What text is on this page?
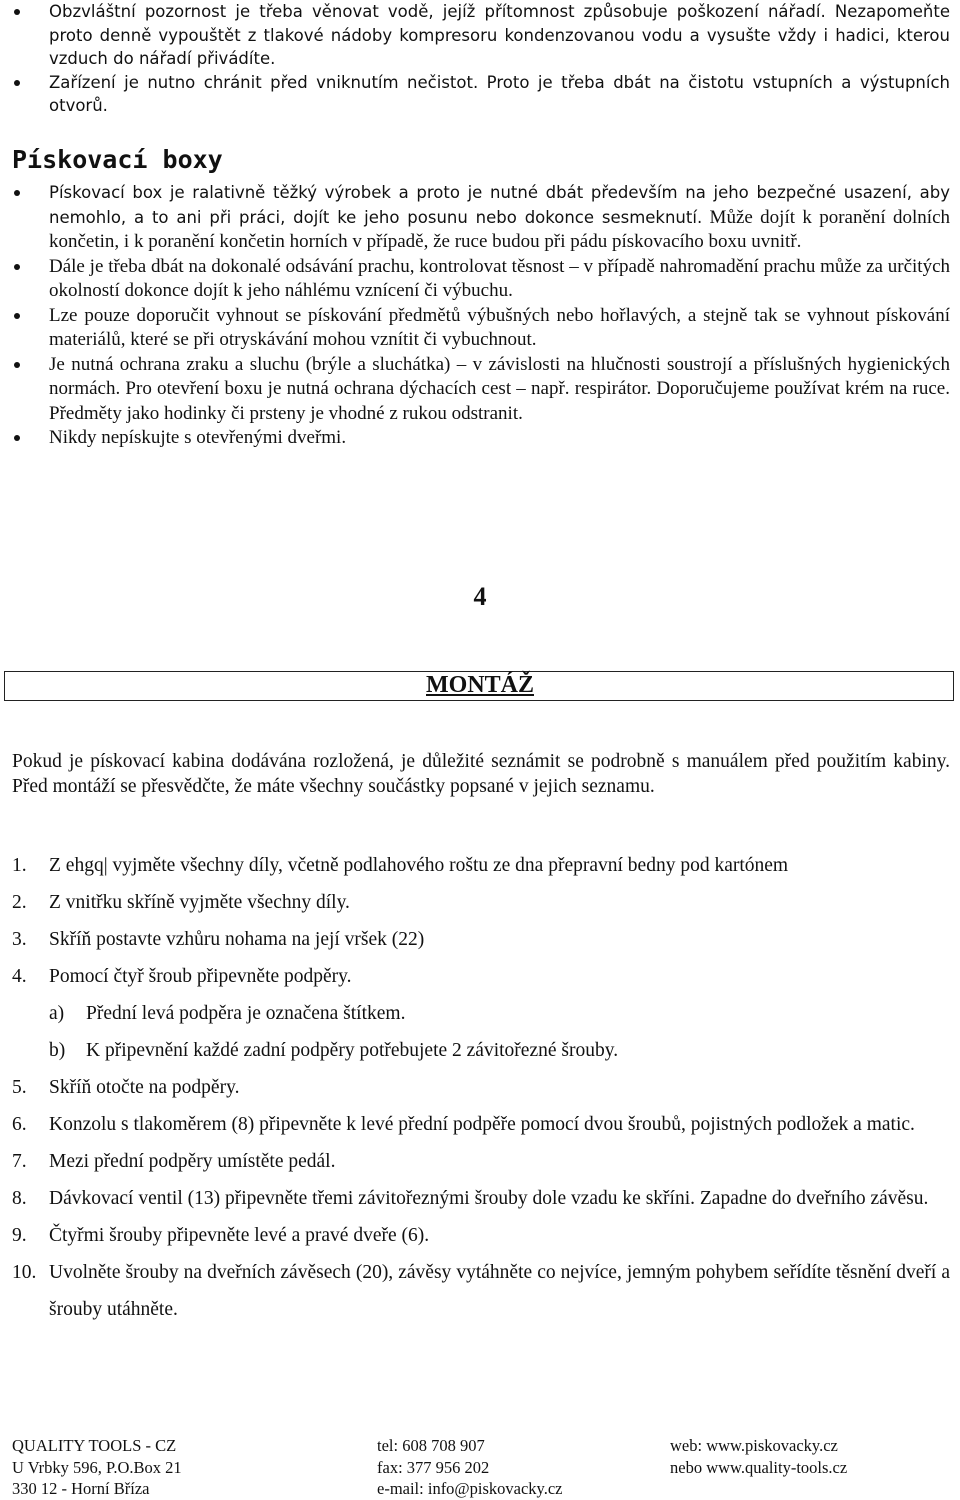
Obzvláštní pozornost je třeba věnovat vodě, jejíž přítomnost způsobuje poškození nářadí. Nezapomeňte proto denně vypouštět z tlakové nádoby kompresoru kondenzovanou vodu a vysušte vždy i hadici, kterou vzduch do nářadí přivádíte.
Zařízení je nutno chránit před vniknutím nečistot. Proto je třeba dbát na čistotu vstupních a výstupních otvorů.
Pískovací boxy
Pískovací box je ralativně těžký výrobek a proto je nutné dbát především na jeho bezpečné usazení, aby nemohlo, a to ani při práci, dojít ke jeho posunu nebo dokonce sesmeknutí. Může dojít k poranění dolních končetin, i k poranění končetin horních v případě, že ruce budou při pádu pískovacího boxu uvnitř.
Dále je třeba dbát na dokonalé odsávání prachu, kontrolovat těsnost – v případě nahromadění prachu může za určitých okolností dokonce dojít k jeho náhlému vznícení či výbuchu.
Lze pouze doporučit vyhnout se pískování předmětů výbušných nebo hořlavých, a stejně tak se vyhnout pískování materiálů, které se při otryskávání mohou vznítit či vybuchnout.
Je nutná ochrana zraku a sluchu (brýle a sluchátka) – v závislosti na hlučnosti soustrojí a příslušných hygienických normách. Pro otevření boxu je nutná ochrana dýchacích cest – např. respirátor. Doporučujeme používat krém na ruce. Předměty jako hodinky či prsteny je vhodné z rukou odstranit.
Nikdy nepískujte s otevřenými dveřmi.
4
MONTÁŽ

Pokud je pískovací kabina dodávána rozložená, je důležité seznámit se podrobně s manuálem před použitím kabiny. Před montáží se přesvědčte, že máte všechny součástky popsané v jejich seznamu.

1. Z ehgq| vyjměte všechny díly, včetně podlahového roštu ze dna přepravní bedny pod kartónem
2. Z vnitřku skříně vyjměte všechny díly.
3. Skříň postavte vzhůru nohama na její vršek (22)
4. Pomocí čtyř šroub připevněte podpěry.
a) Přední levá podpěra je označena štítkem.
b) K připevnění každé zadní podpěry potřebujete 2 závitořezné šrouby.
5. Skříň otočte na podpěry.
6. Konzolu s tlakoměrem (8) připevněte k levé přední podpěře pomocí dvou šroubů, pojistných podložek a matic.
7. Mezi přední podpěry umístěte pedál.
8. Dávkovací ventil (13) připevněte třemi závitořeznými šrouby dole vzadu ke skříni. Zapadne do dveřního závěsu.
9. Čtyřmi šrouby připevněte levé a pravé dveře (6).
10. Uvolněte šrouby na dveřních závěsech (20), závěsy vytáhněte co nejvíce, jemným pohybem seřídíte těsnění dveří a šrouby utáhněte.
QUALITY TOOLS - CZ
U Vrbky 596, P.O.Box 21
330 12 - Horní Bříza
tel: 608 708 907
fax: 377 956 202
e-mail: info@piskovacky.cz
web: www.piskovacky.cz
nebo www.quality-tools.cz
